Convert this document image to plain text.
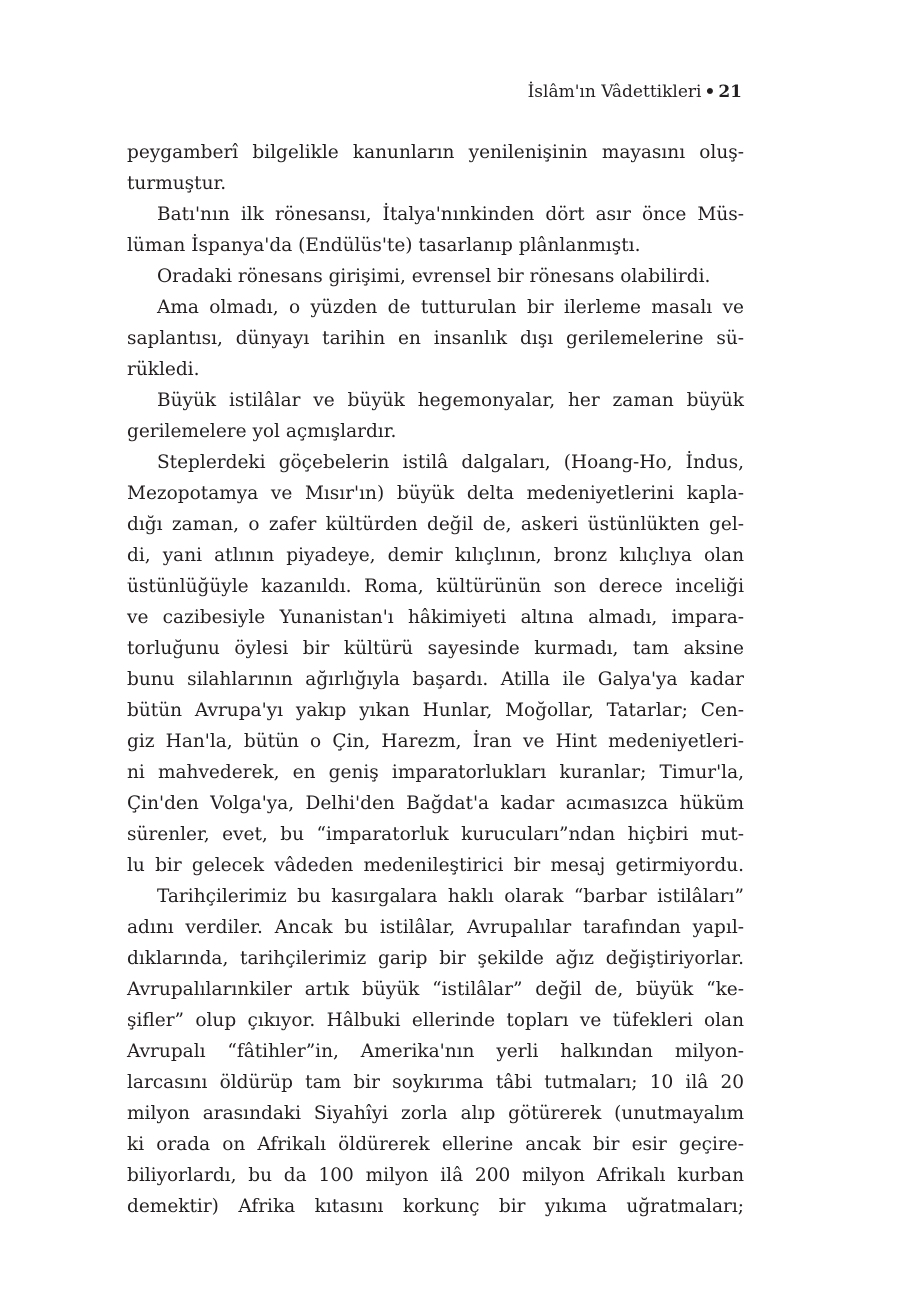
İslâm'ın Vâdettikleri • 21
peygamberî bilgelikle kanunların yenilenişinin mayasını oluş-
turmuştur.
Batı'nın ilk rönesansı, İtalya'nınkinden dört asır önce Müs-
lüman İspanya'da (Endülüs'te) tasarlanıp plânlanmıştı.
Oradaki rönesans girişimi, evrensel bir rönesans olabilirdi.
Ama olmadı, o yüzden de tutturulan bir ilerleme masalı ve
saplantısı, dünyayı tarihin en insanlık dışı gerilemelerine sü-
rükledi.
Büyük istilâlar ve büyük hegemonyalar, her zaman büyük
gerilemelere yol açmışlardır.
Steplerdeki göçebelerin istilâ dalgaları, (Hoang-Ho, İndus,
Mezopotamya ve Mısır'ın) büyük delta medeniyetlerini kapla-
dığı zaman, o zafer kültürden değil de, askeri üstünlükten gel-
di, yani atlının piyadeye, demir kılıçlının, bronz kılıçlıya olan
üstünlüğüyle kazanıldı. Roma, kültürünün son derece inceliği
ve cazibesiyle Yunanistan'ı hâkimiyeti altına almadı, impara-
torluğunu öylesi bir kültürü sayesinde kurmadı, tam aksine
bunu silahlarının ağırlığıyla başardı. Atilla ile Galya'ya kadar
bütün Avrupa'yı yakıp yıkan Hunlar, Moğollar, Tatarlar; Cen-
giz Han'la, bütün o Çin, Harezm, İran ve Hint medeniyetleri-
ni mahvederek, en geniş imparatorlukları kuranlar; Timur'la,
Çin'den Volga'ya, Delhi'den Bağdat'a kadar acımasızca hüküm
sürenler, evet, bu “imparatorluk kurucuları”ndan hiçbiri mut-
lu bir gelecek vâdeden medenileştirici bir mesaj getirmiyordu.
Tarihçilerimiz bu kasırgalara haklı olarak “barbar istilâları”
adını verdiler. Ancak bu istilâlar, Avrupalılar tarafından yapıl-
dıklarında, tarihçilerimiz garip bir şekilde ağız değiştiriyorlar.
Avrupalılarınkiler artık büyük “istilâlar” değil de, büyük “ke-
şifler” olup çıkıyor. Hâlbuki ellerinde topları ve tüfekleri olan
Avrupalı “fâtihler”in, Amerika'nın yerli halkından milyon-
larcasını öldürüp tam bir soykırıma tâbi tutmaları; 10 ilâ 20
milyon arasındaki Siyahîyi zorla alıp götürerek (unutmayalım
ki orada on Afrikalı öldürerek ellerine ancak bir esir geçire-
biliyorlardı, bu da 100 milyon ilâ 200 milyon Afrikalı kurban
demektir) Afrika kıtasını korkunç bir yıkıma uğratmaları;
